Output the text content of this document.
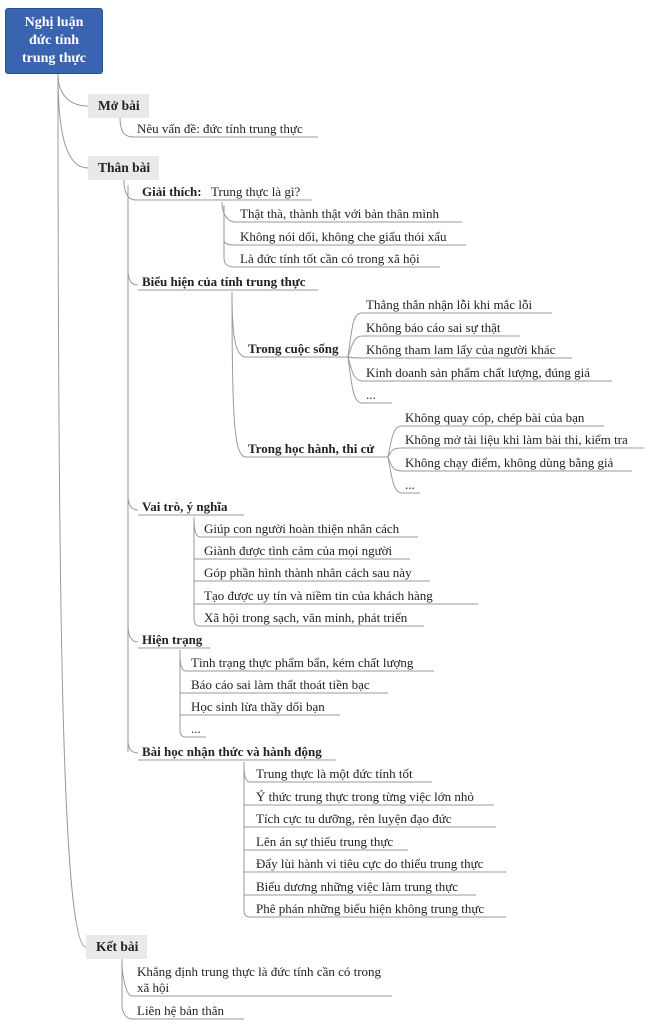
Nghị luận đức tính trung thực
Mở bài
Nêu vấn đề: đức tính trung thực
Thân bài
Giải thích: Trung thực là gì?
Thật thà, thành thật với bản thân mình
Không nói dối, không che giấu thói xấu
Là đức tính tốt cần có trong xã hội
Biểu hiện của tính trung thực
Trong cuộc sống
Thẳng thắn nhận lỗi khi mắc lỗi
Không báo cáo sai sự thật
Không tham lam lấy của người khác
Kinh doanh sản phẩm chất lượng, đúng giá
...
Trong học hành, thi cử
Không quay cóp, chép bài của bạn
Không mở tài liệu khi làm bài thi, kiểm tra
Không chạy điểm, không dùng bằng giả
...
Vai trò, ý nghĩa
Giúp con người hoàn thiện nhân cách
Giành được tình cảm của mọi người
Góp phần hình thành nhân cách sau này
Tạo được uy tín và niềm tin của khách hàng
Xã hội trong sạch, văn minh, phát triển
Hiện trạng
Tình trạng thực phẩm bẩn, kém chất lượng
Báo cáo sai làm thất thoát tiền bạc
Học sinh lừa thầy dối bạn
...
Bài học nhận thức và hành động
Trung thực là một đức tính tốt
Ý thức trung thực trong từng việc lớn nhỏ
Tích cực tu dưỡng, rèn luyện đạo đức
Lên án sự thiếu trung thực
Đẩy lùi hành vi tiêu cực do thiếu trung thực
Biểu dương những việc làm trung thực
Phê phán những biểu hiện không trung thực
Kết bài
Khẳng định trung thực là đức tính cần có trong xã hội
Liên hệ bản thân
